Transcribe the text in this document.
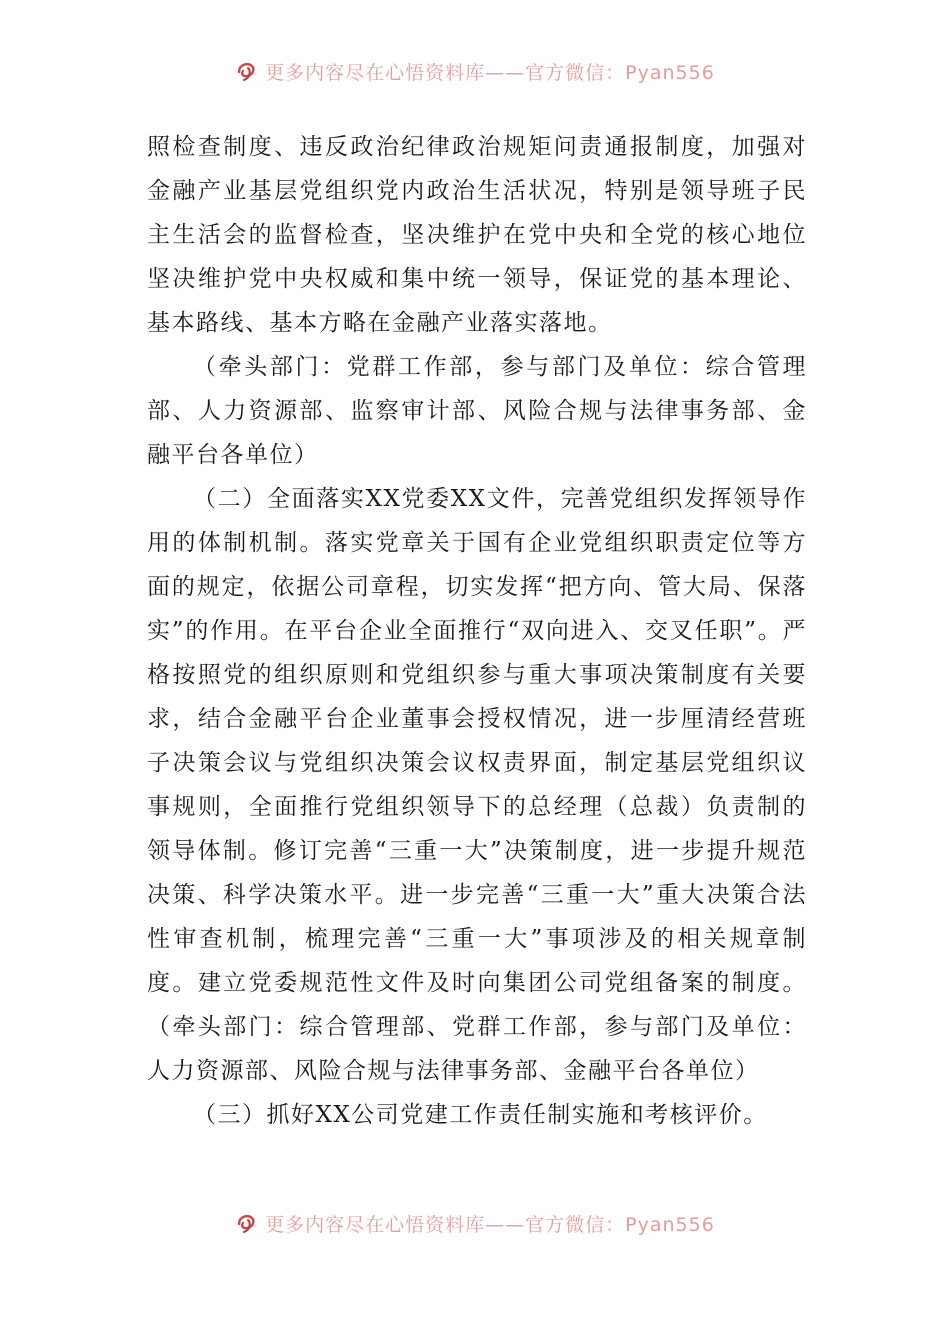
更多内容尽在心悟资料库——官方微信：Pyan556

照检查制度、违反政治纪律政治规矩问责通报制度，加强对金融产业基层党组织党内政治生活状况，特别是领导班子民主生活会的监督检查，坚决维护在党中央和全党的核心地位坚决维护党中央权威和集中统一领导，保证党的基本理论、基本路线、基本方略在金融产业落实落地。

（牵头部门：党群工作部，参与部门及单位：综合管理部、人力资源部、监察审计部、风险合规与法律事务部、金融平台各单位）

（二）全面落实XX党委XX文件，完善党组织发挥领导作用的体制机制。落实党章关于国有企业党组织职责定位等方面的规定，依据公司章程，切实发挥“把方向、管大局、保落实”的作用。在平台企业全面推行“双向进入、交叉任职”。严格按照党的组织原则和党组织参与重大事项决策制度有关要求，结合金融平台企业董事会授权情况，进一步厘清经营班子决策会议与党组织决策会议权责界面，制定基层党组织议事规则，全面推行党组织领导下的总经理（总裁）负责制的领导体制。修订完善“三重一大”决策制度，进一步提升规范决策、科学决策水平。进一步完善“三重一大”重大决策合法性审查机制，梳理完善“三重一大”事项涉及的相关规章制度。建立党委规范性文件及时向集团公司党组备案的制度。（牵头部门：综合管理部、党群工作部，参与部门及单位：人力资源部、风险合规与法律事务部、金融平台各单位）

（三）抓好XX公司党建工作责任制实施和考核评价。

更多内容尽在心悟资料库——官方微信：Pyan556
